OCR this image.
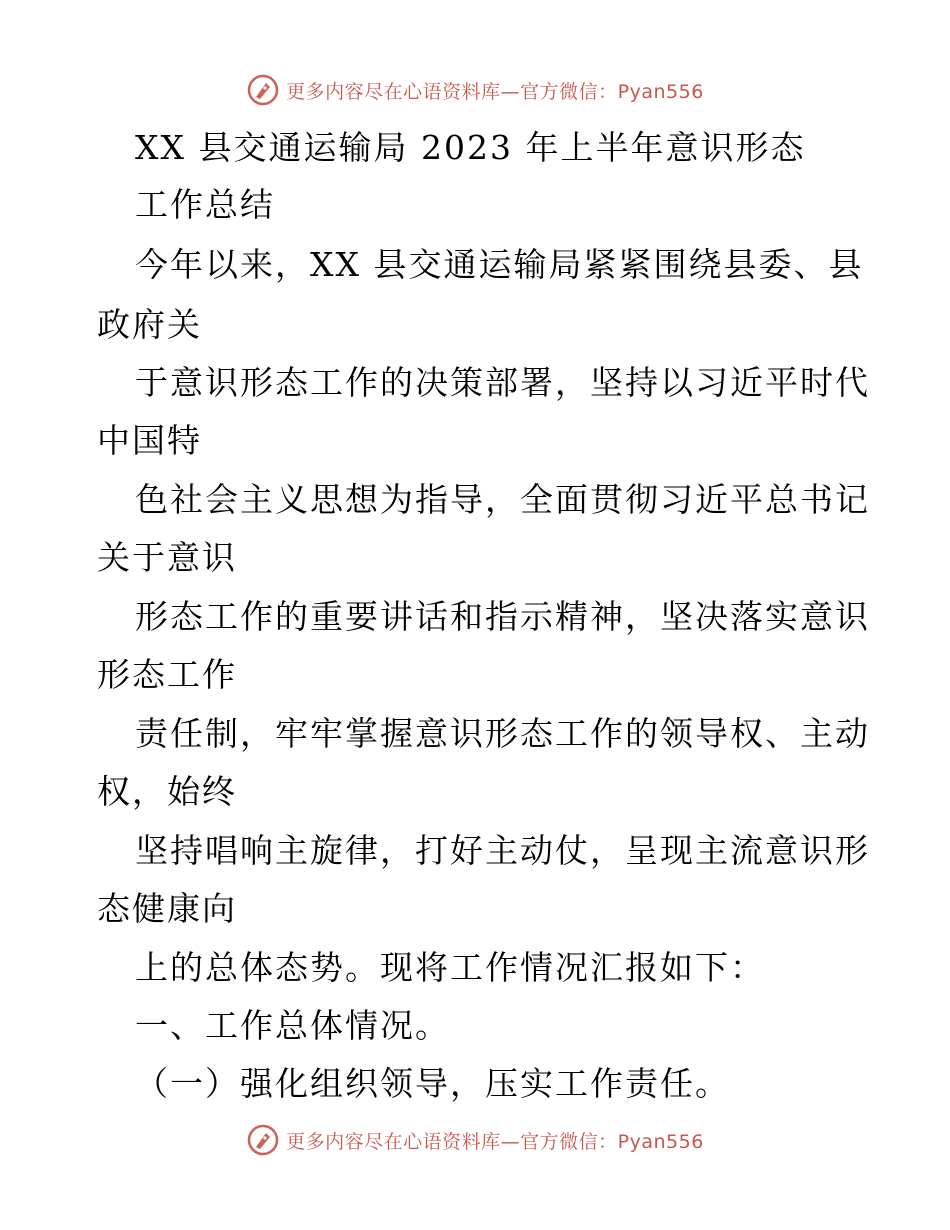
更多内容尽在心语资料库—官方微信：Pyan556
XX 县交通运输局 2023 年上半年意识形态
工作总结
今年以来，XX 县交通运输局紧紧围绕县委、县
政府关
于意识形态工作的决策部署，坚持以习近平时代
中国特
色社会主义思想为指导，全面贯彻习近平总书记
关于意识
形态工作的重要讲话和指示精神，坚决落实意识
形态工作
责任制，牢牢掌握意识形态工作的领导权、主动
权，始终
坚持唱响主旋律，打好主动仗，呈现主流意识形
态健康向
上的总体态势。现将工作情况汇报如下：
一、工作总体情况。
（一）强化组织领导，压实工作责任。
更多内容尽在心语资料库—官方微信：Pyan556
